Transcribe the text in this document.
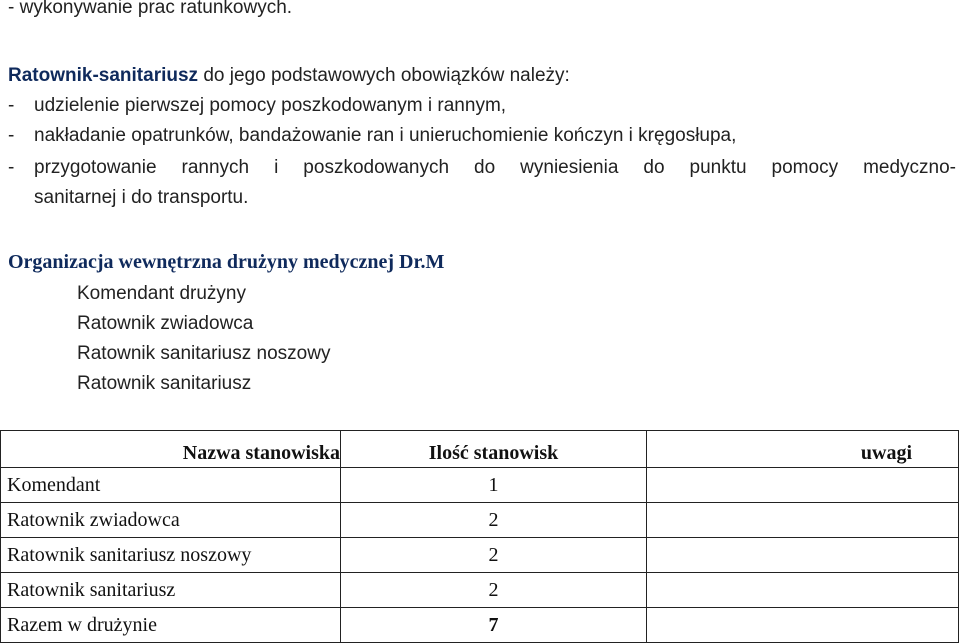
- wykonywanie prac ratunkowych.
Ratownik-sanitariusz do jego podstawowych obowiązków należy:
- udzielenie pierwszej pomocy poszkodowanym i rannym,
- nakładanie opatrunków, bandażowanie ran i unieruchomienie kończyn i kręgosłupa,
- przygotowanie rannych i poszkodowanych do wyniesienia do punktu pomocy medyczno-
sanitarnej i do transportu.
Organizacja wewnętrzna drużyny medycznej Dr.M
Komendant drużyny
Ratownik zwiadowca
Ratownik sanitariusz noszowy
Ratownik sanitariusz
Nazwa stanowiska	Ilość stanowisk	uwagi
Komendant	1	
Ratownik zwiadowca	2	
Ratownik sanitariusz noszowy	2	
Ratownik sanitariusz	2	
Razem w drużynie	7	
